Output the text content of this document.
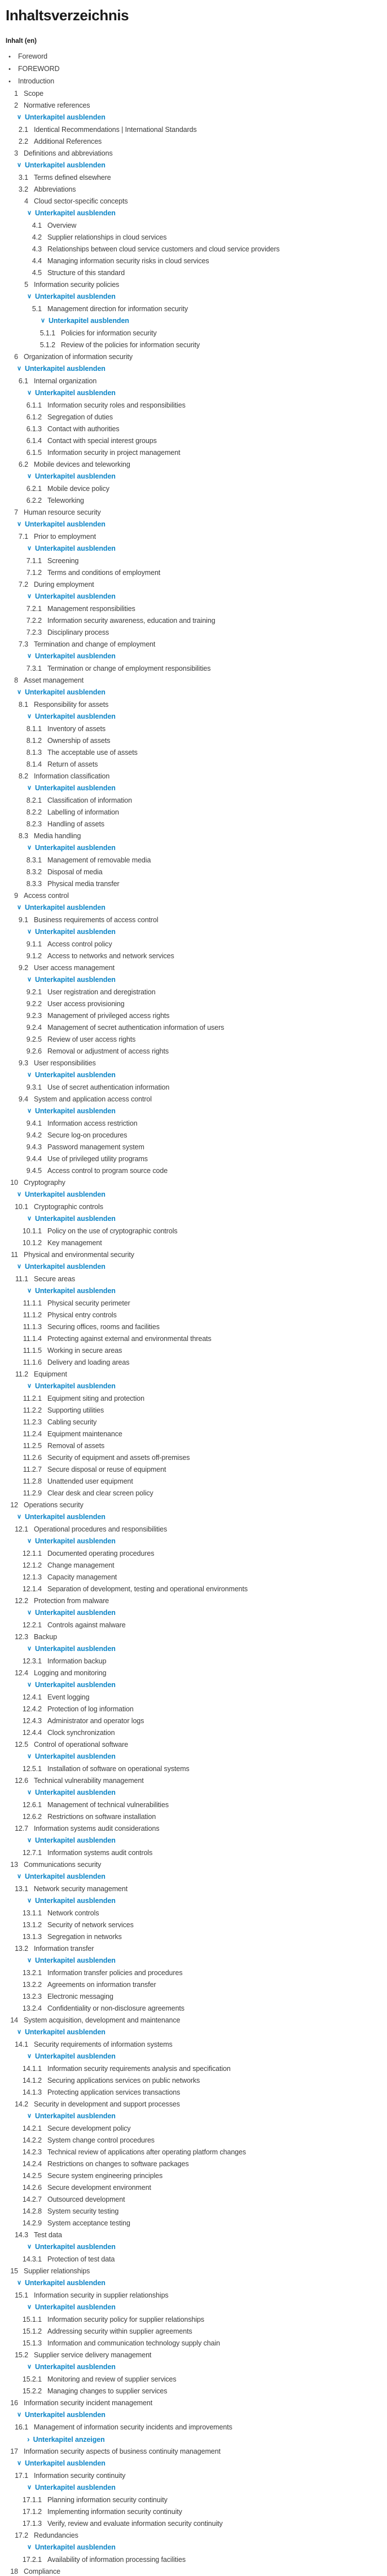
Inhaltsverzeichnis
Inhalt (en)
• Foreword
• FOREWORD
• Introduction
1 Scope
2 Normative references
∨ Unterkapitel ausblenden
2.1 Identical Recommendations | International Standards
2.2 Additional References
3 Definitions and abbreviations
∨ Unterkapitel ausblenden
3.1 Terms defined elsewhere
3.2 Abbreviations
4 Cloud sector-specific concepts
∨ Unterkapitel ausblenden
4.1 Overview
4.2 Supplier relationships in cloud services
4.3 Relationships between cloud service customers and cloud service providers
4.4 Managing information security risks in cloud services
4.5 Structure of this standard
5 Information security policies
∨ Unterkapitel ausblenden
5.1 Management direction for information security
∨ Unterkapitel ausblenden
5.1.1 Policies for information security
5.1.2 Review of the policies for information security
6 Organization of information security
∨ Unterkapitel ausblenden
6.1 Internal organization
∨ Unterkapitel ausblenden
6.1.1 Information security roles and responsibilities
6.1.2 Segregation of duties
6.1.3 Contact with authorities
6.1.4 Contact with special interest groups
6.1.5 Information security in project management
6.2 Mobile devices and teleworking
∨ Unterkapitel ausblenden
6.2.1 Mobile device policy
6.2.2 Teleworking
7 Human resource security
∨ Unterkapitel ausblenden
7.1 Prior to employment
∨ Unterkapitel ausblenden
7.1.1 Screening
7.1.2 Terms and conditions of employment
7.2 During employment
∨ Unterkapitel ausblenden
7.2.1 Management responsibilities
7.2.2 Information security awareness, education and training
7.2.3 Disciplinary process
7.3 Termination and change of employment
∨ Unterkapitel ausblenden
7.3.1 Termination or change of employment responsibilities
8 Asset management
∨ Unterkapitel ausblenden
8.1 Responsibility for assets
∨ Unterkapitel ausblenden
8.1.1 Inventory of assets
8.1.2 Ownership of assets
8.1.3 The acceptable use of assets
8.1.4 Return of assets
8.2 Information classification
∨ Unterkapitel ausblenden
8.2.1 Classification of information
8.2.2 Labelling of information
8.2.3 Handling of assets
8.3 Media handling
∨ Unterkapitel ausblenden
8.3.1 Management of removable media
8.3.2 Disposal of media
8.3.3 Physical media transfer
9 Access control
∨ Unterkapitel ausblenden
9.1 Business requirements of access control
∨ Unterkapitel ausblenden
9.1.1 Access control policy
9.1.2 Access to networks and network services
9.2 User access management
∨ Unterkapitel ausblenden
9.2.1 User registration and deregistration
9.2.2 User access provisioning
9.2.3 Management of privileged access rights
9.2.4 Management of secret authentication information of users
9.2.5 Review of user access rights
9.2.6 Removal or adjustment of access rights
9.3 User responsibilities
∨ Unterkapitel ausblenden
9.3.1 Use of secret authentication information
9.4 System and application access control
∨ Unterkapitel ausblenden
9.4.1 Information access restriction
9.4.2 Secure log-on procedures
9.4.3 Password management system
9.4.4 Use of privileged utility programs
9.4.5 Access control to program source code
10 Cryptography
∨ Unterkapitel ausblenden
10.1 Cryptographic controls
∨ Unterkapitel ausblenden
10.1.1 Policy on the use of cryptographic controls
10.1.2 Key management
11 Physical and environmental security
∨ Unterkapitel ausblenden
11.1 Secure areas
∨ Unterkapitel ausblenden
11.1.1 Physical security perimeter
11.1.2 Physical entry controls
11.1.3 Securing offices, rooms and facilities
11.1.4 Protecting against external and environmental threats
11.1.5 Working in secure areas
11.1.6 Delivery and loading areas
11.2 Equipment
∨ Unterkapitel ausblenden
11.2.1 Equipment siting and protection
11.2.2 Supporting utilities
11.2.3 Cabling security
11.2.4 Equipment maintenance
11.2.5 Removal of assets
11.2.6 Security of equipment and assets off-premises
11.2.7 Secure disposal or reuse of equipment
11.2.8 Unattended user equipment
11.2.9 Clear desk and clear screen policy
12 Operations security
∨ Unterkapitel ausblenden
12.1 Operational procedures and responsibilities
∨ Unterkapitel ausblenden
12.1.1 Documented operating procedures
12.1.2 Change management
12.1.3 Capacity management
12.1.4 Separation of development, testing and operational environments
12.2 Protection from malware
∨ Unterkapitel ausblenden
12.2.1 Controls against malware
12.3 Backup
∨ Unterkapitel ausblenden
12.3.1 Information backup
12.4 Logging and monitoring
∨ Unterkapitel ausblenden
12.4.1 Event logging
12.4.2 Protection of log information
12.4.3 Administrator and operator logs
12.4.4 Clock synchronization
12.5 Control of operational software
∨ Unterkapitel ausblenden
12.5.1 Installation of software on operational systems
12.6 Technical vulnerability management
∨ Unterkapitel ausblenden
12.6.1 Management of technical vulnerabilities
12.6.2 Restrictions on software installation
12.7 Information systems audit considerations
∨ Unterkapitel ausblenden
12.7.1 Information systems audit controls
13 Communications security
∨ Unterkapitel ausblenden
13.1 Network security management
∨ Unterkapitel ausblenden
13.1.1 Network controls
13.1.2 Security of network services
13.1.3 Segregation in networks
13.2 Information transfer
∨ Unterkapitel ausblenden
13.2.1 Information transfer policies and procedures
13.2.2 Agreements on information transfer
13.2.3 Electronic messaging
13.2.4 Confidentiality or non-disclosure agreements
14 System acquisition, development and maintenance
∨ Unterkapitel ausblenden
14.1 Security requirements of information systems
∨ Unterkapitel ausblenden
14.1.1 Information security requirements analysis and specification
14.1.2 Securing applications services on public networks
14.1.3 Protecting application services transactions
14.2 Security in development and support processes
∨ Unterkapitel ausblenden
14.2.1 Secure development policy
14.2.2 System change control procedures
14.2.3 Technical review of applications after operating platform changes
14.2.4 Restrictions on changes to software packages
14.2.5 Secure system engineering principles
14.2.6 Secure development environment
14.2.7 Outsourced development
14.2.8 System security testing
14.2.9 System acceptance testing
14.3 Test data
∨ Unterkapitel ausblenden
14.3.1 Protection of test data
15 Supplier relationships
∨ Unterkapitel ausblenden
15.1 Information security in supplier relationships
∨ Unterkapitel ausblenden
15.1.1 Information security policy for supplier relationships
15.1.2 Addressing security within supplier agreements
15.1.3 Information and communication technology supply chain
15.2 Supplier service delivery management
∨ Unterkapitel ausblenden
15.2.1 Monitoring and review of supplier services
15.2.2 Managing changes to supplier services
16 Information security incident management
∨ Unterkapitel ausblenden
16.1 Management of information security incidents and improvements
› Unterkapitel anzeigen
17 Information security aspects of business continuity management
∨ Unterkapitel ausblenden
17.1 Information security continuity
∨ Unterkapitel ausblenden
17.1.1 Planning information security continuity
17.1.2 Implementing information security continuity
17.1.3 Verify, review and evaluate information security continuity
17.2 Redundancies
∨ Unterkapitel ausblenden
17.2.1 Availability of information processing facilities
18 Compliance
